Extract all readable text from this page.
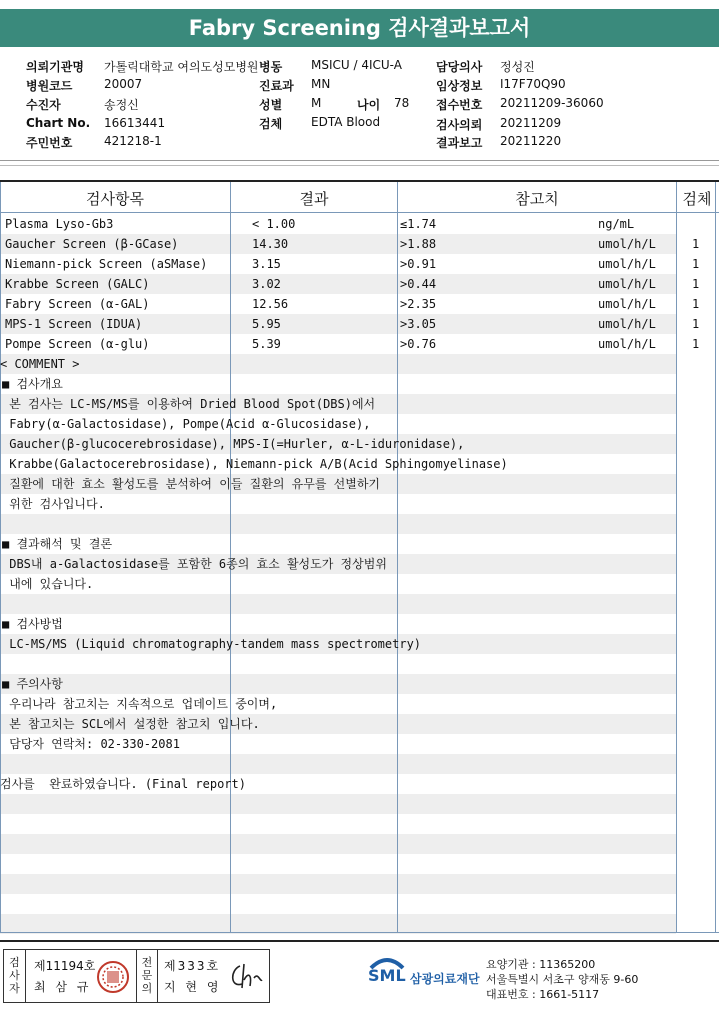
Fabry Screening 검사결과보고서
의뢰기관명 가톨릭대학교 여의도성모병원
병원코드	20007
수진자	송정신
Chart No. 16613441
주민번호	421218-1
병동 MSICU / 4ICU-A
진료과 MN
성별 M
검체 EDTA Blood
나이 78
담당의사 정성진
임상정보 I17F70Q90
접수번호 20211209-36060
검사의뢰 20211209
결과보고 20211220
검사항목	결과	참고치	검체
Plasma Lyso-Gb3	< 1.00	≤1.74	ng/mL
Gaucher Screen (β-GCase)	14.30	>1.88	umol/h/L	1
Niemann-pick Screen (aSMase)	3.15	>0.91	umol/h/L	1
Krabbe Screen (GALC)	3.02	>0.44	umol/h/L	1
Fabry Screen (α-GAL)	12.56	>2.35	umol/h/L	1
MPS-1 Screen (IDUA)	5.95	>3.05	umol/h/L	1
Pompe Screen (α-glu)	5.39	>0.76	umol/h/L	1
< COMMENT >
■ 검사개요
본 검사는 LC-MS/MS를 이용하여 Dried Blood Spot(DBS)에서
Fabry(α-Galactosidase), Pompe(Acid α-Glucosidase),
Gaucher(β-glucocerebrosidase), MPS-I(=Hurler, α-L-iduronidase),
Krabbe(Galactocerebrosidase), Niemann-pick A/B(Acid Sphingomyelinase)
질환에 대한 효소 활성도를 분석하여 이들 질환의 유무를 선별하기
위한 검사입니다.
■ 결과해석 및 결론
DBS내 a-Galactosidase를 포함한 6종의 효소 활성도가 정상범위
내에 있습니다.
■ 검사방법
LC-MS/MS (Liquid chromatography-tandem mass spectrometry)
■ 주의사항
우리나라 참고치는 지속적으로 업데이트 중이며,
본 참고치는 SCL에서 설정한 참고치 입니다.
담당자 연락처: 02-330-2081
검사를  완료하였습니다. (Final report)
검
사
자
제11194호
최 삼 규
전
문
의
제333호
지 현 영
SML 삼광의료재단
요양기관 : 11365200
서울특별시 서초구 양재동 9-60
대표번호 : 1661-5117
